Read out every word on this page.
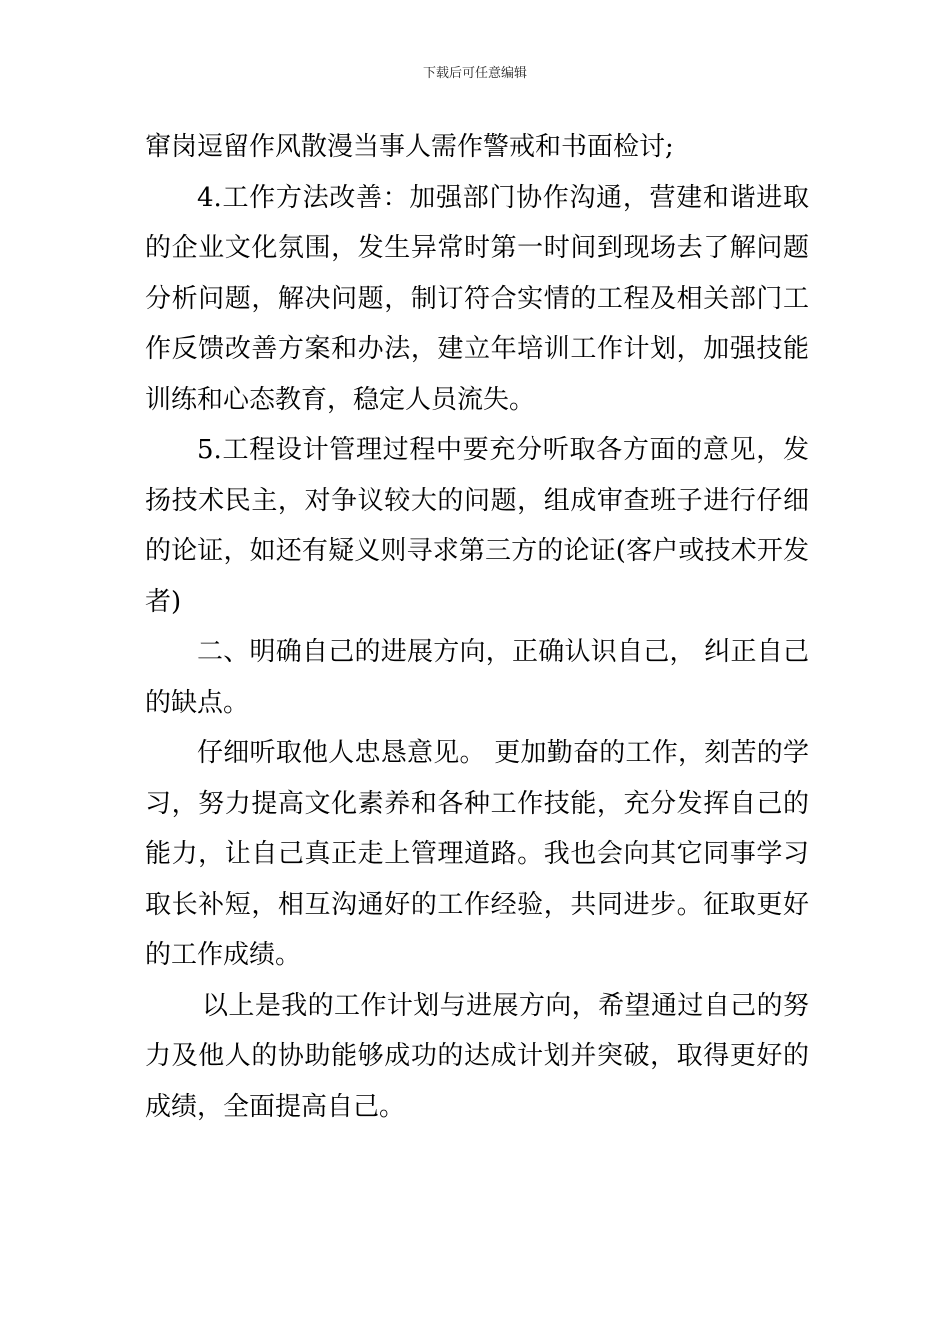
下载后可任意编辑

窜岗逗留作风散漫当事人需作警戒和书面检讨;

4.工作方法改善：加强部门协作沟通，营建和谐进取的企业文化氛围，发生异常时第一时间到现场去了解问题分析问题，解决问题，制订符合实情的工程及相关部门工作反馈改善方案和办法，建立年培训工作计划，加强技能训练和心态教育，稳定人员流失。

5.工程设计管理过程中要充分听取各方面的意见，发扬技术民主，对争议较大的问题，组成审查班子进行仔细的论证，如还有疑义则寻求第三方的论证(客户或技术开发者)

二、明确自己的进展方向，正确认识自己， 纠正自己的缺点。

仔细听取他人忠恳意见。 更加勤奋的工作，刻苦的学习，努力提高文化素养和各种工作技能，充分发挥自己的能力，让自己真正走上管理道路。我也会向其它同事学习取长补短，相互沟通好的工作经验，共同进步。征取更好的工作成绩。

以上是我的工作计划与进展方向，希望通过自己的努力及他人的协助能够成功的达成计划并突破，取得更好的成绩，全面提高自己。
